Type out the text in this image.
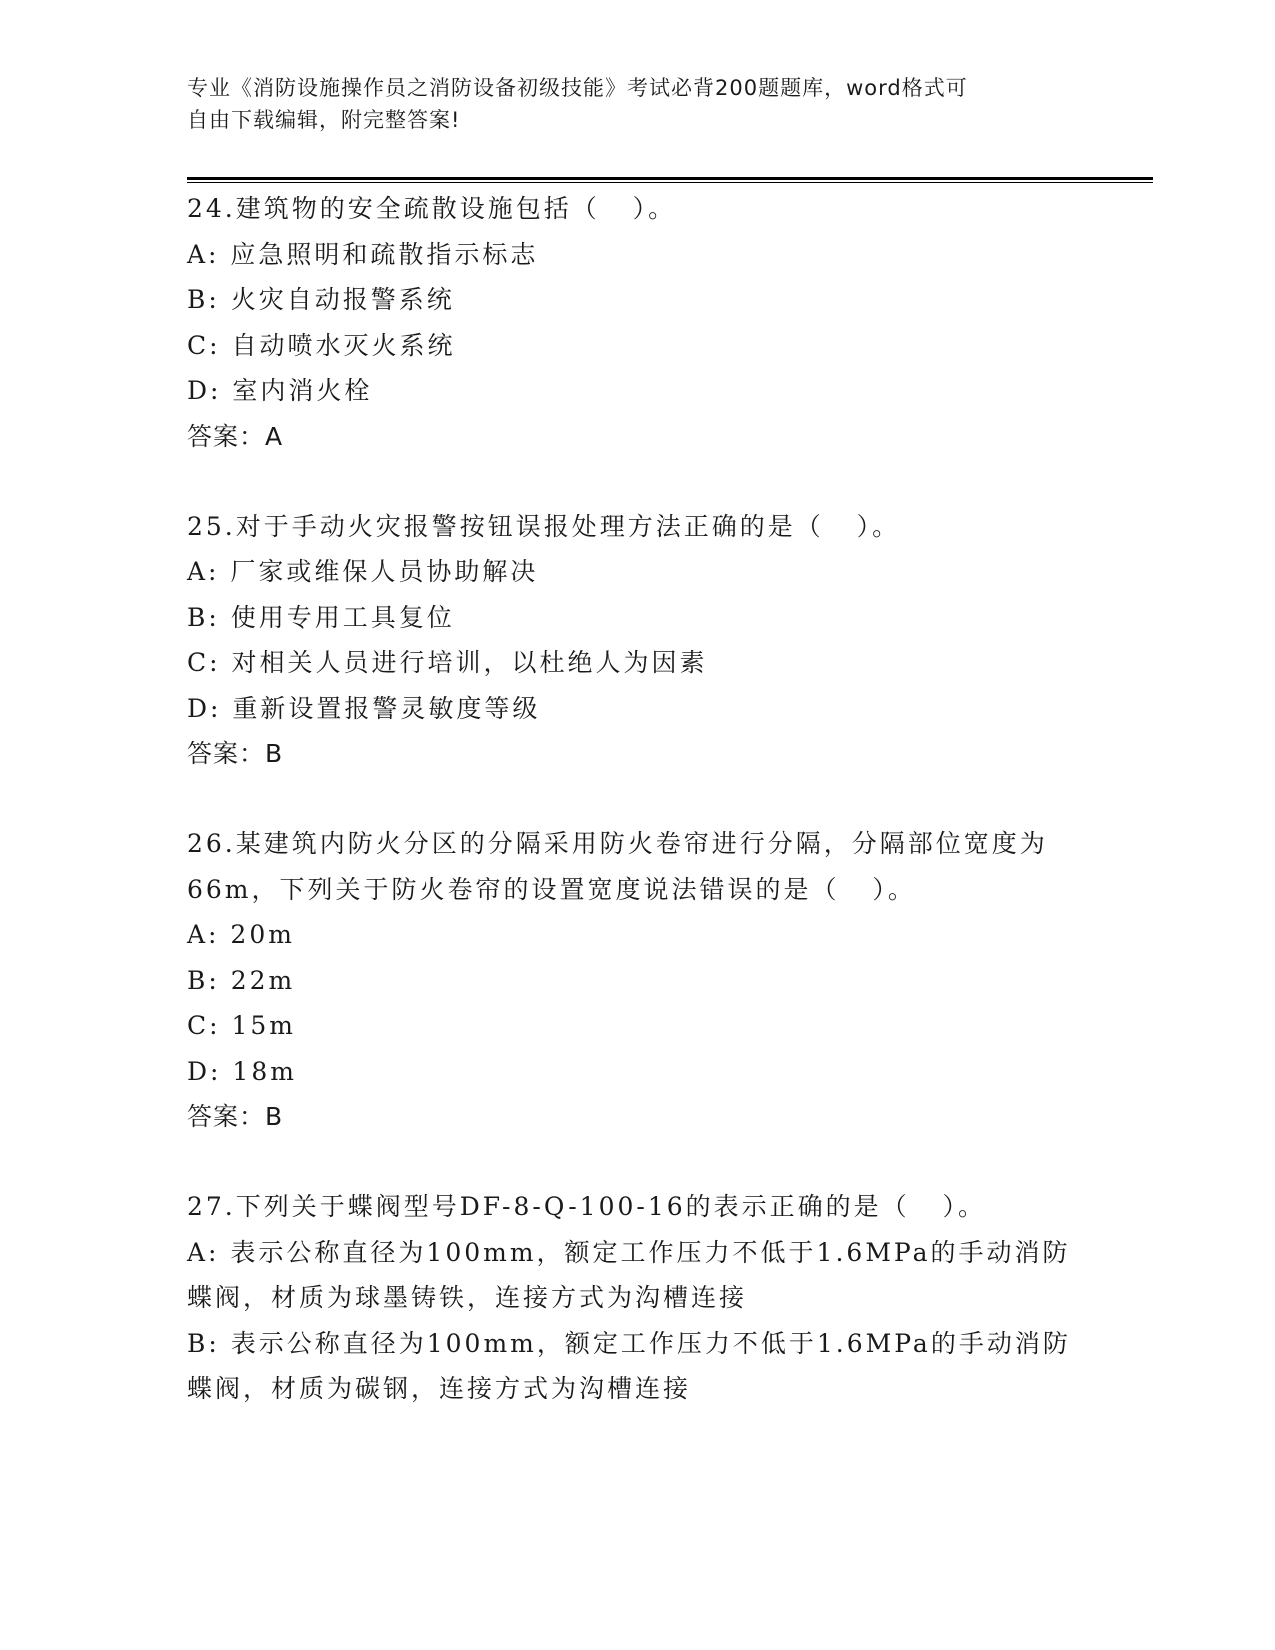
专业《消防设施操作员之消防设备初级技能》考试必背200题题库，word格式可
自由下载编辑，附完整答案!
24.建筑物的安全疏散设施包括（   ）。
A: 应急照明和疏散指示标志
B: 火灾自动报警系统
C: 自动喷水灭火系统
D: 室内消火栓
答案：A
25.对于手动火灾报警按钮误报处理方法正确的是（   ）。
A: 厂家或维保人员协助解决
B: 使用专用工具复位
C: 对相关人员进行培训，以杜绝人为因素
D: 重新设置报警灵敏度等级
答案：B
26.某建筑内防火分区的分隔采用防火卷帘进行分隔，分隔部位宽度为66m，下列关于防火卷帘的设置宽度说法错误的是（   ）。
A: 20m
B: 22m
C: 15m
D: 18m
答案：B
27.下列关于蝶阀型号DF-8-Q-100-16的表示正确的是（   ）。
A: 表示公称直径为100mm，额定工作压力不低于1.6MPa的手动消防蝶阀，材质为球墨铸铁，连接方式为沟槽连接
B: 表示公称直径为100mm，额定工作压力不低于1.6MPa的手动消防蝶阀，材质为碳钢，连接方式为沟槽连接
